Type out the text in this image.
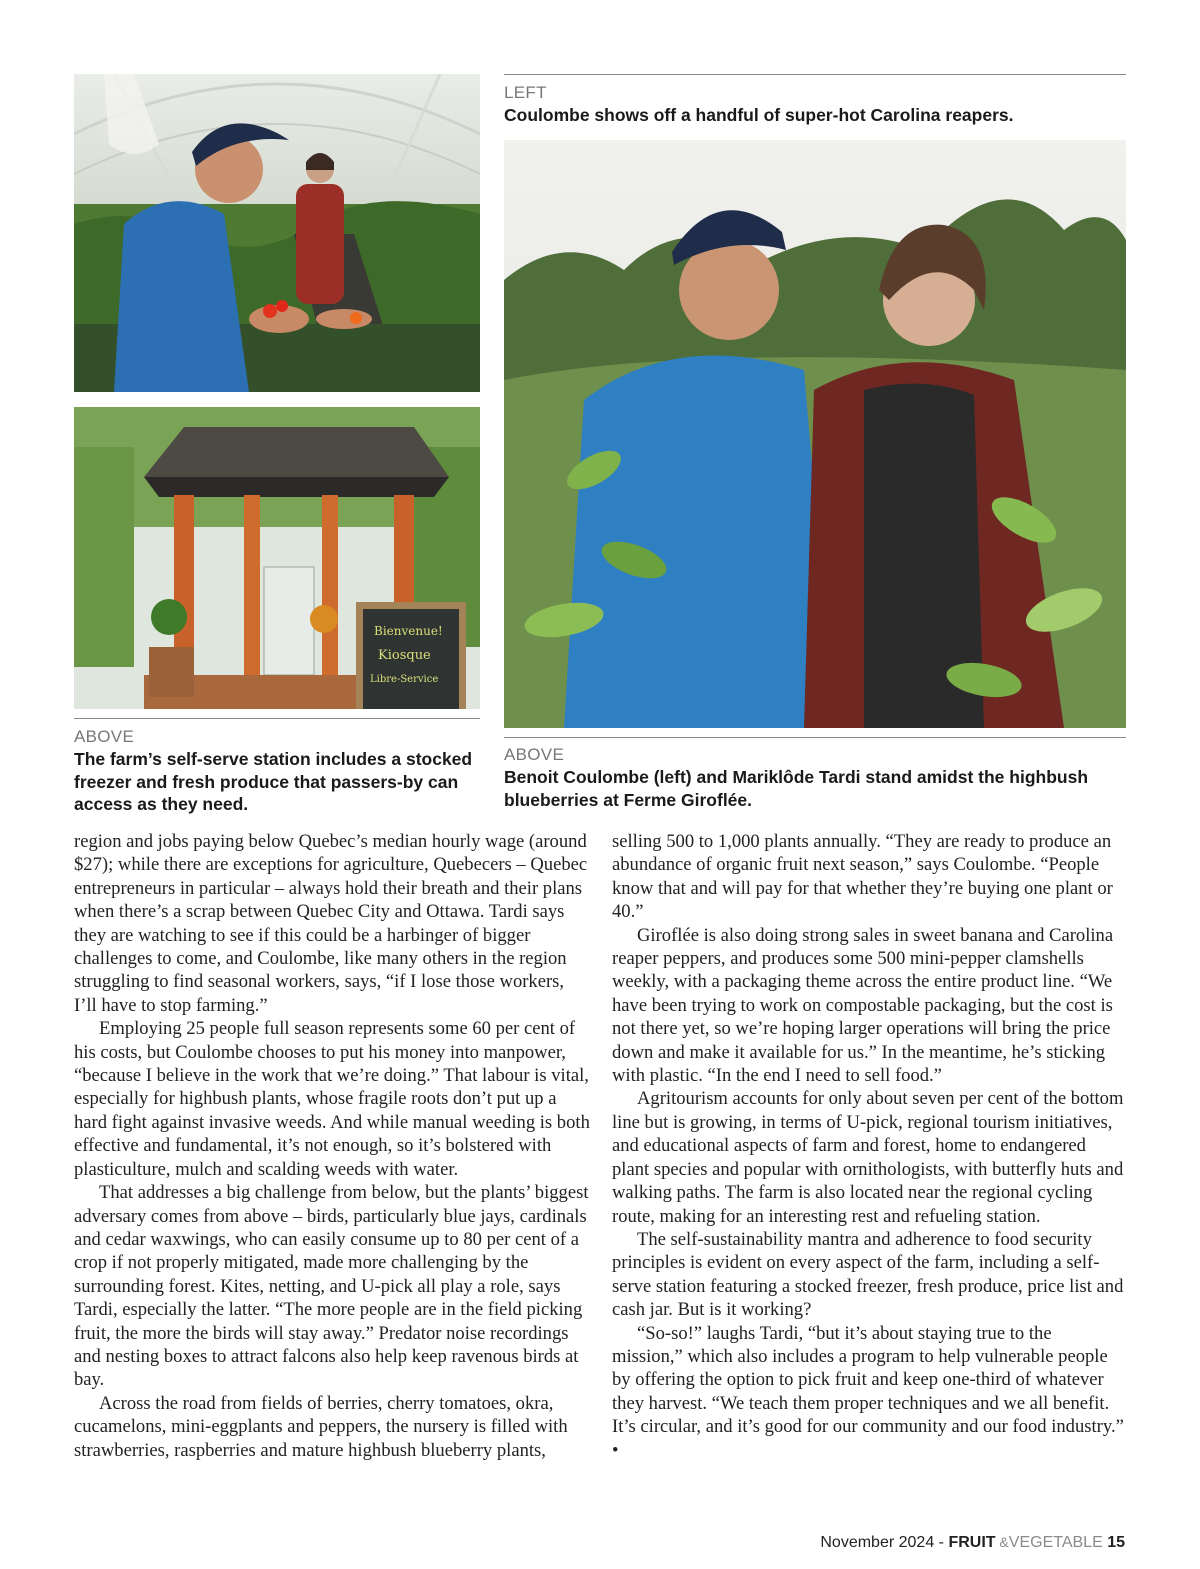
Bienvenue!
Kiosque
Libre-Service
LEFT
Coulombe shows off a handful of super-hot Carolina reapers.
ABOVE
The farm’s self-serve station includes a stocked freezer and fresh produce that passers-by can access as they need.
ABOVE
Benoit Coulombe (left) and Mariklôde Tardi stand amidst the highbush blueberries at Ferme Giroflée.

region and jobs paying below Quebec’s median hourly wage (around $27); while there are exceptions for agriculture, Quebecers – Quebec entrepreneurs in particular – always hold their breath and their plans when there’s a scrap between Quebec City and Ottawa. Tardi says they are watching to see if this could be a harbinger of bigger challenges to come, and Coulombe, like many others in the region struggling to find seasonal workers, says, “if I lose those workers, I’ll have to stop farming.”

Employing 25 people full season represents some 60 per cent of his costs, but Coulombe chooses to put his money into manpower, “because I believe in the work that we’re doing.” That labour is vital, especially for highbush plants, whose fragile roots don’t put up a hard fight against invasive weeds. And while manual weeding is both effective and fundamental, it’s not enough, so it’s bolstered with plasticulture, mulch and scalding weeds with water.

That addresses a big challenge from below, but the plants’ biggest adversary comes from above – birds, particularly blue jays, cardinals and cedar waxwings, who can easily consume up to 80 per cent of a crop if not properly mitigated, made more challenging by the surrounding forest. Kites, netting, and U-pick all play a role, says Tardi, especially the latter. “The more people are in the field picking fruit, the more the birds will stay away.” Predator noise recordings and nesting boxes to attract falcons also help keep ravenous birds at bay.

Across the road from fields of berries, cherry tomatoes, okra, cucamelons, mini-eggplants and peppers, the nursery is filled with strawberries, raspberries and mature highbush blueberry plants,

selling 500 to 1,000 plants annually. “They are ready to produce an abundance of organic fruit next season,” says Coulombe. “People know that and will pay for that whether they’re buying one plant or 40.”

Giroflée is also doing strong sales in sweet banana and Carolina reaper peppers, and produces some 500 mini-pepper clamshells weekly, with a packaging theme across the entire product line. “We have been trying to work on compostable packaging, but the cost is not there yet, so we’re hoping larger operations will bring the price down and make it available for us.” In the meantime, he’s sticking with plastic. “In the end I need to sell food.”

Agritourism accounts for only about seven per cent of the bottom line but is growing, in terms of U-pick, regional tourism initiatives, and educational aspects of farm and forest, home to endangered plant species and popular with ornithologists, with butterfly huts and walking paths. The farm is also located near the regional cycling route, making for an interesting rest and refueling station.

The self-sustainability mantra and adherence to food security principles is evident on every aspect of the farm, including a self-serve station featuring a stocked freezer, fresh produce, price list and cash jar. But is it working?

“So-so!” laughs Tardi, “but it’s about staying true to the mission,” which also includes a program to help vulnerable people by offering the option to pick fruit and keep one-third of whatever they harvest. “We teach them proper techniques and we all benefit. It’s circular, and it’s good for our community and our food industry.” •

November 2024 - FRUIT &VEGETABLE 15
